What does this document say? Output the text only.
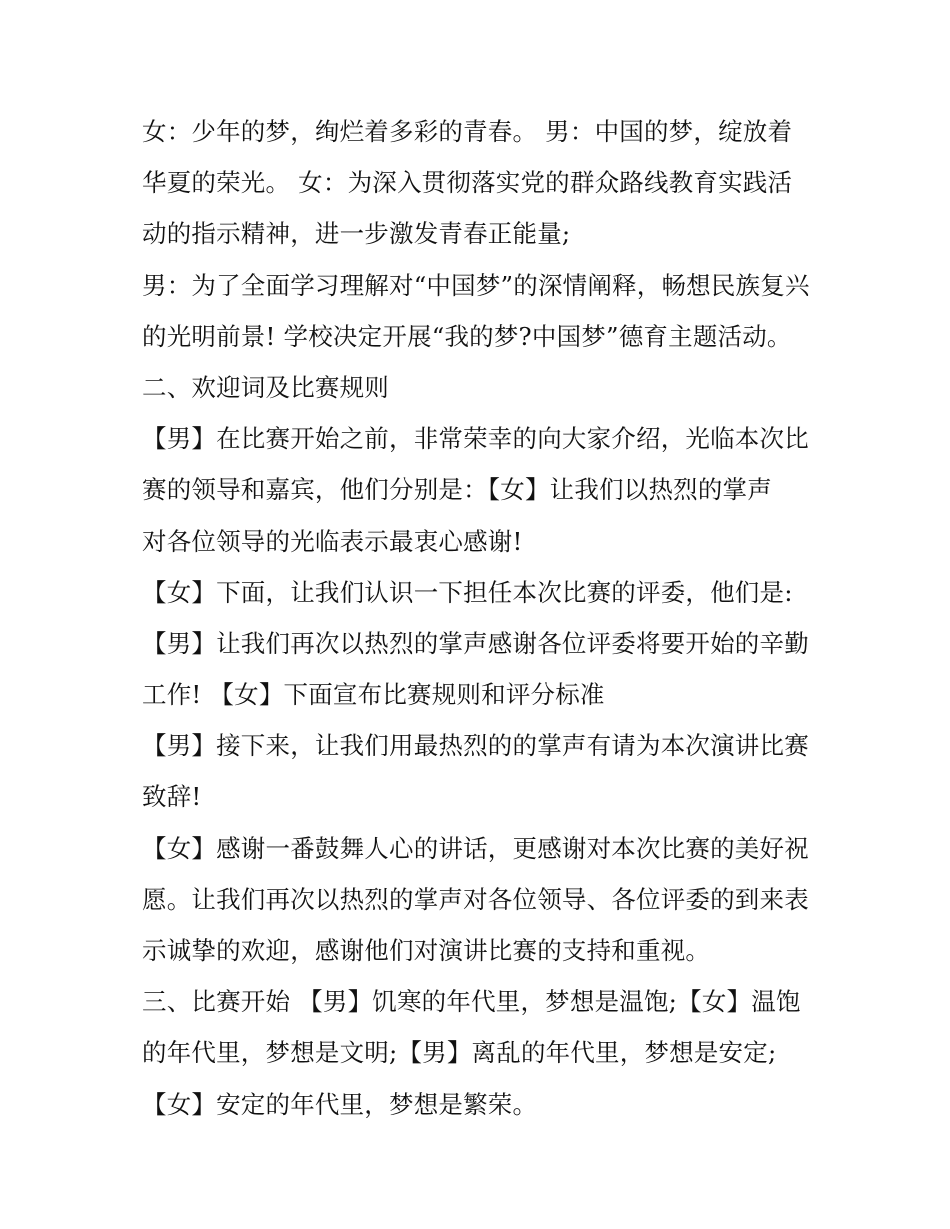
女：少年的梦，绚烂着多彩的青春。 男：中国的梦，绽放着
华夏的荣光。 女：为深入贯彻落实党的群众路线教育实践活
动的指示精神，进一步激发青春正能量;
男：为了全面学习理解对“中国梦”的深情阐释，畅想民族复兴
的光明前景! 学校决定开展“我的梦?中国梦”德育主题活动。
二、欢迎词及比赛规则
【男】在比赛开始之前，非常荣幸的向大家介绍，光临本次比
赛的领导和嘉宾，他们分别是：【女】让我们以热烈的掌声
对各位领导的光临表示最衷心感谢!
【女】下面，让我们认识一下担任本次比赛的评委，他们是:
【男】让我们再次以热烈的掌声感谢各位评委将要开始的辛勤
工作! 【女】下面宣布比赛规则和评分标准
【男】接下来，让我们用最热烈的的掌声有请为本次演讲比赛
致辞!
【女】感谢一番鼓舞人心的讲话，更感谢对本次比赛的美好祝
愿。让我们再次以热烈的掌声对各位领导、各位评委的到来表
示诚挚的欢迎，感谢他们对演讲比赛的支持和重视。
三、比赛开始 【男】饥寒的年代里，梦想是温饱;【女】温饱
的年代里，梦想是文明;【男】离乱的年代里，梦想是安定;
【女】安定的年代里，梦想是繁荣。
